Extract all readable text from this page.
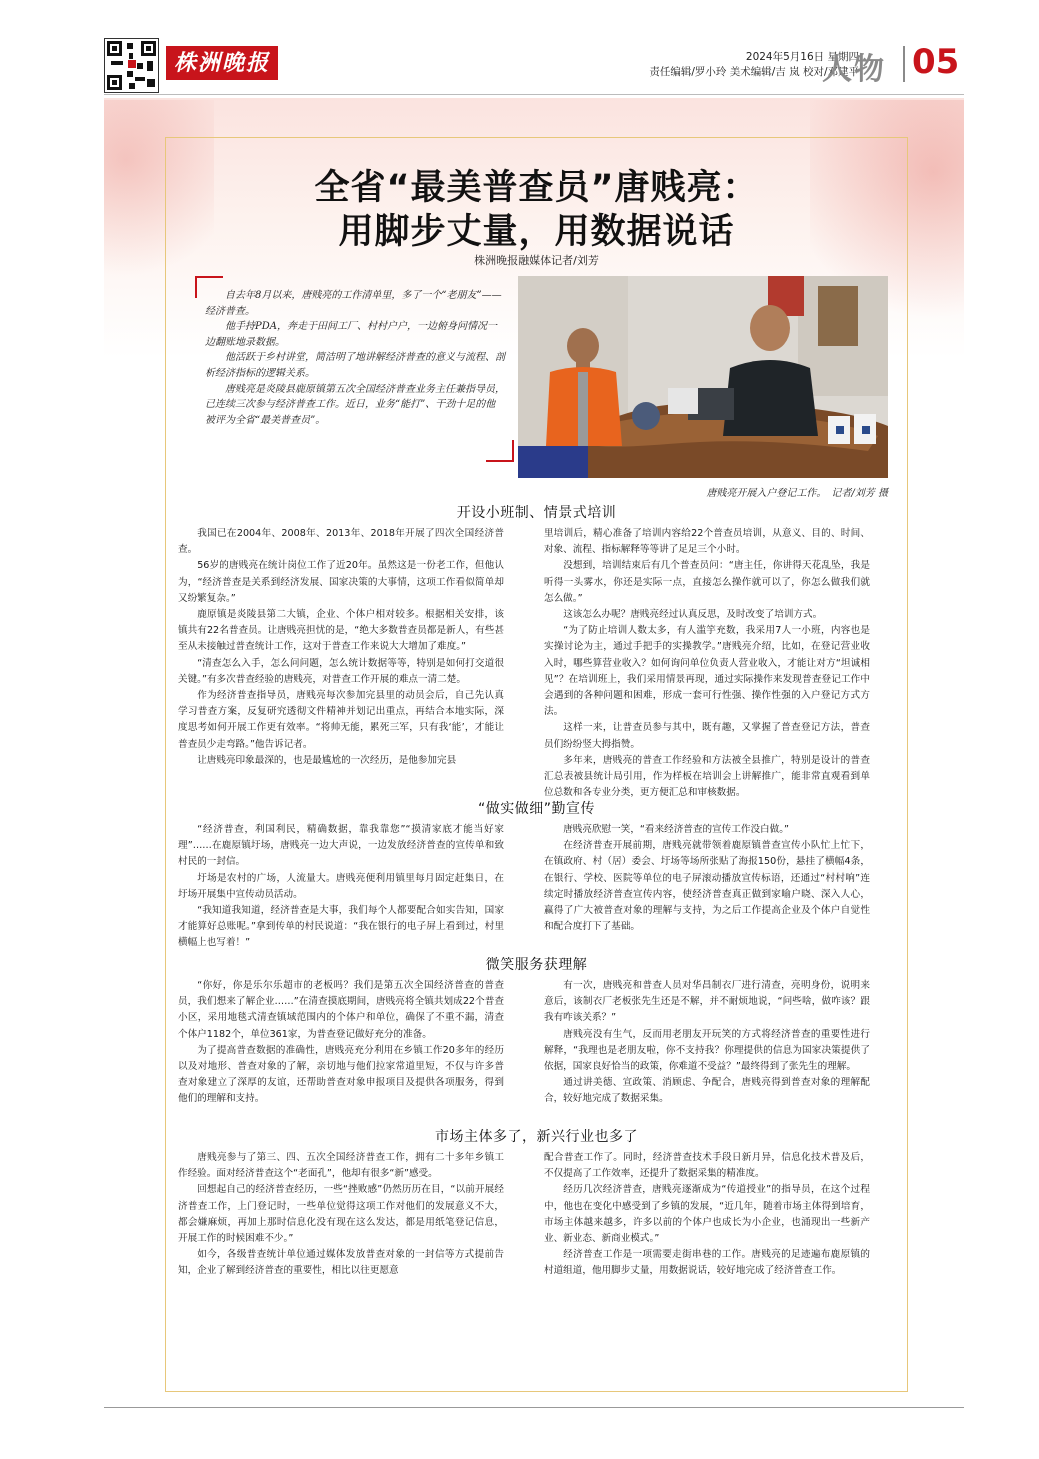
株洲晚报	2024年5月16日 星期四
责任编辑/罗小玲 美术编辑/吉 岚 校对/邓建平
人物 05
全省“最美普查员”唐贱亮：
用脚步丈量，用数据说话
株洲晚报融媒体记者/刘芳

自去年8月以来，唐贱亮的工作清单里，多了一个“老朋友”——经济普查。

他手持PDA，奔走于田间工厂、村村户户，一边俯身问情况一边翻账地录数据。

他活跃于乡村讲堂，简洁明了地讲解经济普查的意义与流程、剖析经济指标的逻辑关系。

唐贱亮是炎陵县鹿原镇第五次全国经济普查业务主任兼指导员，已连续三次参与经济普查工作。近日，业务“能打”、干劲十足的他被评为全省“最美普查员”。

唐贱亮开展入户登记工作。　记者/刘芳 摄
开设小班制、情景式培训

我国已在2004年、2008年、2013年、2018年开展了四次全国经济普查。

56岁的唐贱亮在统计岗位工作了近20年。虽然这是一份老工作，但他认为，“经济普查是关系到经济发展、国家决策的大事情，这项工作看似简单却又纷繁复杂。”

鹿原镇是炎陵县第二大镇，企业、个体户相对较多。根据相关安排，该镇共有22名普查员。让唐贱亮担忧的是，“绝大多数普查员都是新人，有些甚至从未接触过普查统计工作，这对于普查工作来说大大增加了难度。”

“清查怎么入手，怎么问问题，怎么统计数据等等，特别是如何打交道很关键。”有多次普查经验的唐贱亮，对普查工作开展的难点一清二楚。

作为经济普查指导员，唐贱亮每次参加完县里的动员会后，自己先认真学习普查方案，反复研究透彻文件精神并划记出重点，再结合本地实际，深度思考如何开展工作更有效率。“将帅无能，累死三军，只有我‘能’，才能让普查员少走弯路。”他告诉记者。

让唐贱亮印象最深的，也是最尴尬的一次经历，是他参加完县

里培训后，精心准备了培训内容给22个普查员培训，从意义、目的、时间、对象、流程、指标解释等等讲了足足三个小时。

没想到，培训结束后有几个普查员问：“唐主任，你讲得天花乱坠，我是听得一头雾水，你还是实际一点，直接怎么操作就可以了，你怎么做我们就怎么做。”

这该怎么办呢？唐贱亮经过认真反思，及时改变了培训方式。

“为了防止培训人数太多，有人滥竽充数，我采用7人一小班，内容也是实操讨论为主，通过手把手的实操教学。”唐贱亮介绍，比如，在登记营业收入时，哪些算营业收入？如何询问单位负责人营业收入，才能让对方“坦诚相见”？在培训班上，我们采用情景再现，通过实际操作来发现普查登记工作中会遇到的各种问题和困难，形成一套可行性强、操作性强的入户登记方式方法。

这样一来，让普查员参与其中，既有趣，又掌握了普查登记方法，普查员们纷纷竖大拇指赞。

多年来，唐贱亮的普查工作经验和方法被全县推广，特别是设计的普查汇总表被县统计局引用，作为样板在培训会上讲解推广，能非常直观看到单位总数和各专业分类，更方便汇总和审核数据。

“做实做细”勤宣传

“经济普查，利国利民，精确数据，靠我靠您”“摸清家底才能当好家理”……在鹿原镇圩场，唐贱亮一边大声说，一边发放经济普查的宣传单和致村民的一封信。

圩场是农村的广场，人流量大。唐贱亮便利用镇里每月固定赶集日，在圩场开展集中宣传动员活动。

“我知道我知道，经济普查是大事，我们每个人都要配合如实告知，国家才能算好总账呢。”拿到传单的村民说道：“我在银行的电子屏上看到过，村里横幅上也写着！”

唐贱亮欣慰一笑，“看来经济普查的宣传工作没白做。”

在经济普查开展前期，唐贱亮就带领着鹿原镇普查宣传小队忙上忙下，在镇政府、村（居）委会、圩场等场所张贴了海报150份，悬挂了横幅4条，在银行、学校、医院等单位的电子屏滚动播放宣传标语，还通过“村村响”连续定时播放经济普查宣传内容，使经济普查真正做到家喻户晓、深入人心，赢得了广大被普查对象的理解与支持，为之后工作提高企业及个体户自觉性和配合度打下了基础。

微笑服务获理解

“你好，你是乐尔乐超市的老板吗？我们是第五次全国经济普查的普查员，我们想来了解企业……”在清查摸底期间，唐贱亮将全镇共划成22个普查小区，采用地毯式清查镇域范围内的个体户和单位，确保了不重不漏，清查个体户1182个，单位361家，为普查登记做好充分的准备。

为了提高普查数据的准确性，唐贱亮充分利用在乡镇工作20多年的经历以及对地形、普查对象的了解，亲切地与他们拉家常道里短，不仅与许多普查对象建立了深厚的友谊，还帮助普查对象申报项目及提供各项服务，得到他们的理解和支持。

有一次，唐贱亮和普查人员对华昌制衣厂进行清查，亮明身份，说明来意后，该制衣厂老板张先生还是不解，并不耐烦地说，“问些啥，做咋该？跟我有咋该关系？”

唐贱亮没有生气，反而用老朋友开玩笑的方式将经济普查的重要性进行解释，“我理也是老朋友啦，你不支持我？你理提供的信息为国家决策提供了依据，国家良好恰当的政策，你难道不受益？”最终得到了张先生的理解。

通过讲美德、宣政策、消顾虑、争配合，唐贱亮得到普查对象的理解配合，较好地完成了数据采集。

市场主体多了，新兴行业也多了

唐贱亮参与了第三、四、五次全国经济普查工作，拥有二十多年乡镇工作经验。面对经济普查这个“老面孔”，他却有很多“新”感受。

回想起自己的经济普查经历，一些“挫败感”仍然历历在目，“以前开展经济普查工作，上门登记时，一些单位觉得这项工作对他们的发展意义不大，都会嫌麻烦，再加上那时信息化没有现在这么发达，都是用纸笔登记信息，开展工作的时候困难不少。”

如今，各级普查统计单位通过媒体发放普查对象的一封信等方式提前告知，企业了解到经济普查的重要性，相比以往更愿意

配合普查工作了。同时，经济普查技术手段日新月异，信息化技术普及后，不仅提高了工作效率，还提升了数据采集的精准度。

经历几次经济普查，唐贱亮逐渐成为“传道授业”的指导员，在这个过程中，他也在变化中感受到了乡镇的发展，“近几年，随着市场主体得到培育，市场主体越来越多，许多以前的个体户也成长为小企业，也涌现出一些新产业、新业态、新商业模式。”

经济普查工作是一项需要走街串巷的工作。唐贱亮的足迹遍布鹿原镇的村道组道，他用脚步丈量，用数据说话，较好地完成了经济普查工作。
